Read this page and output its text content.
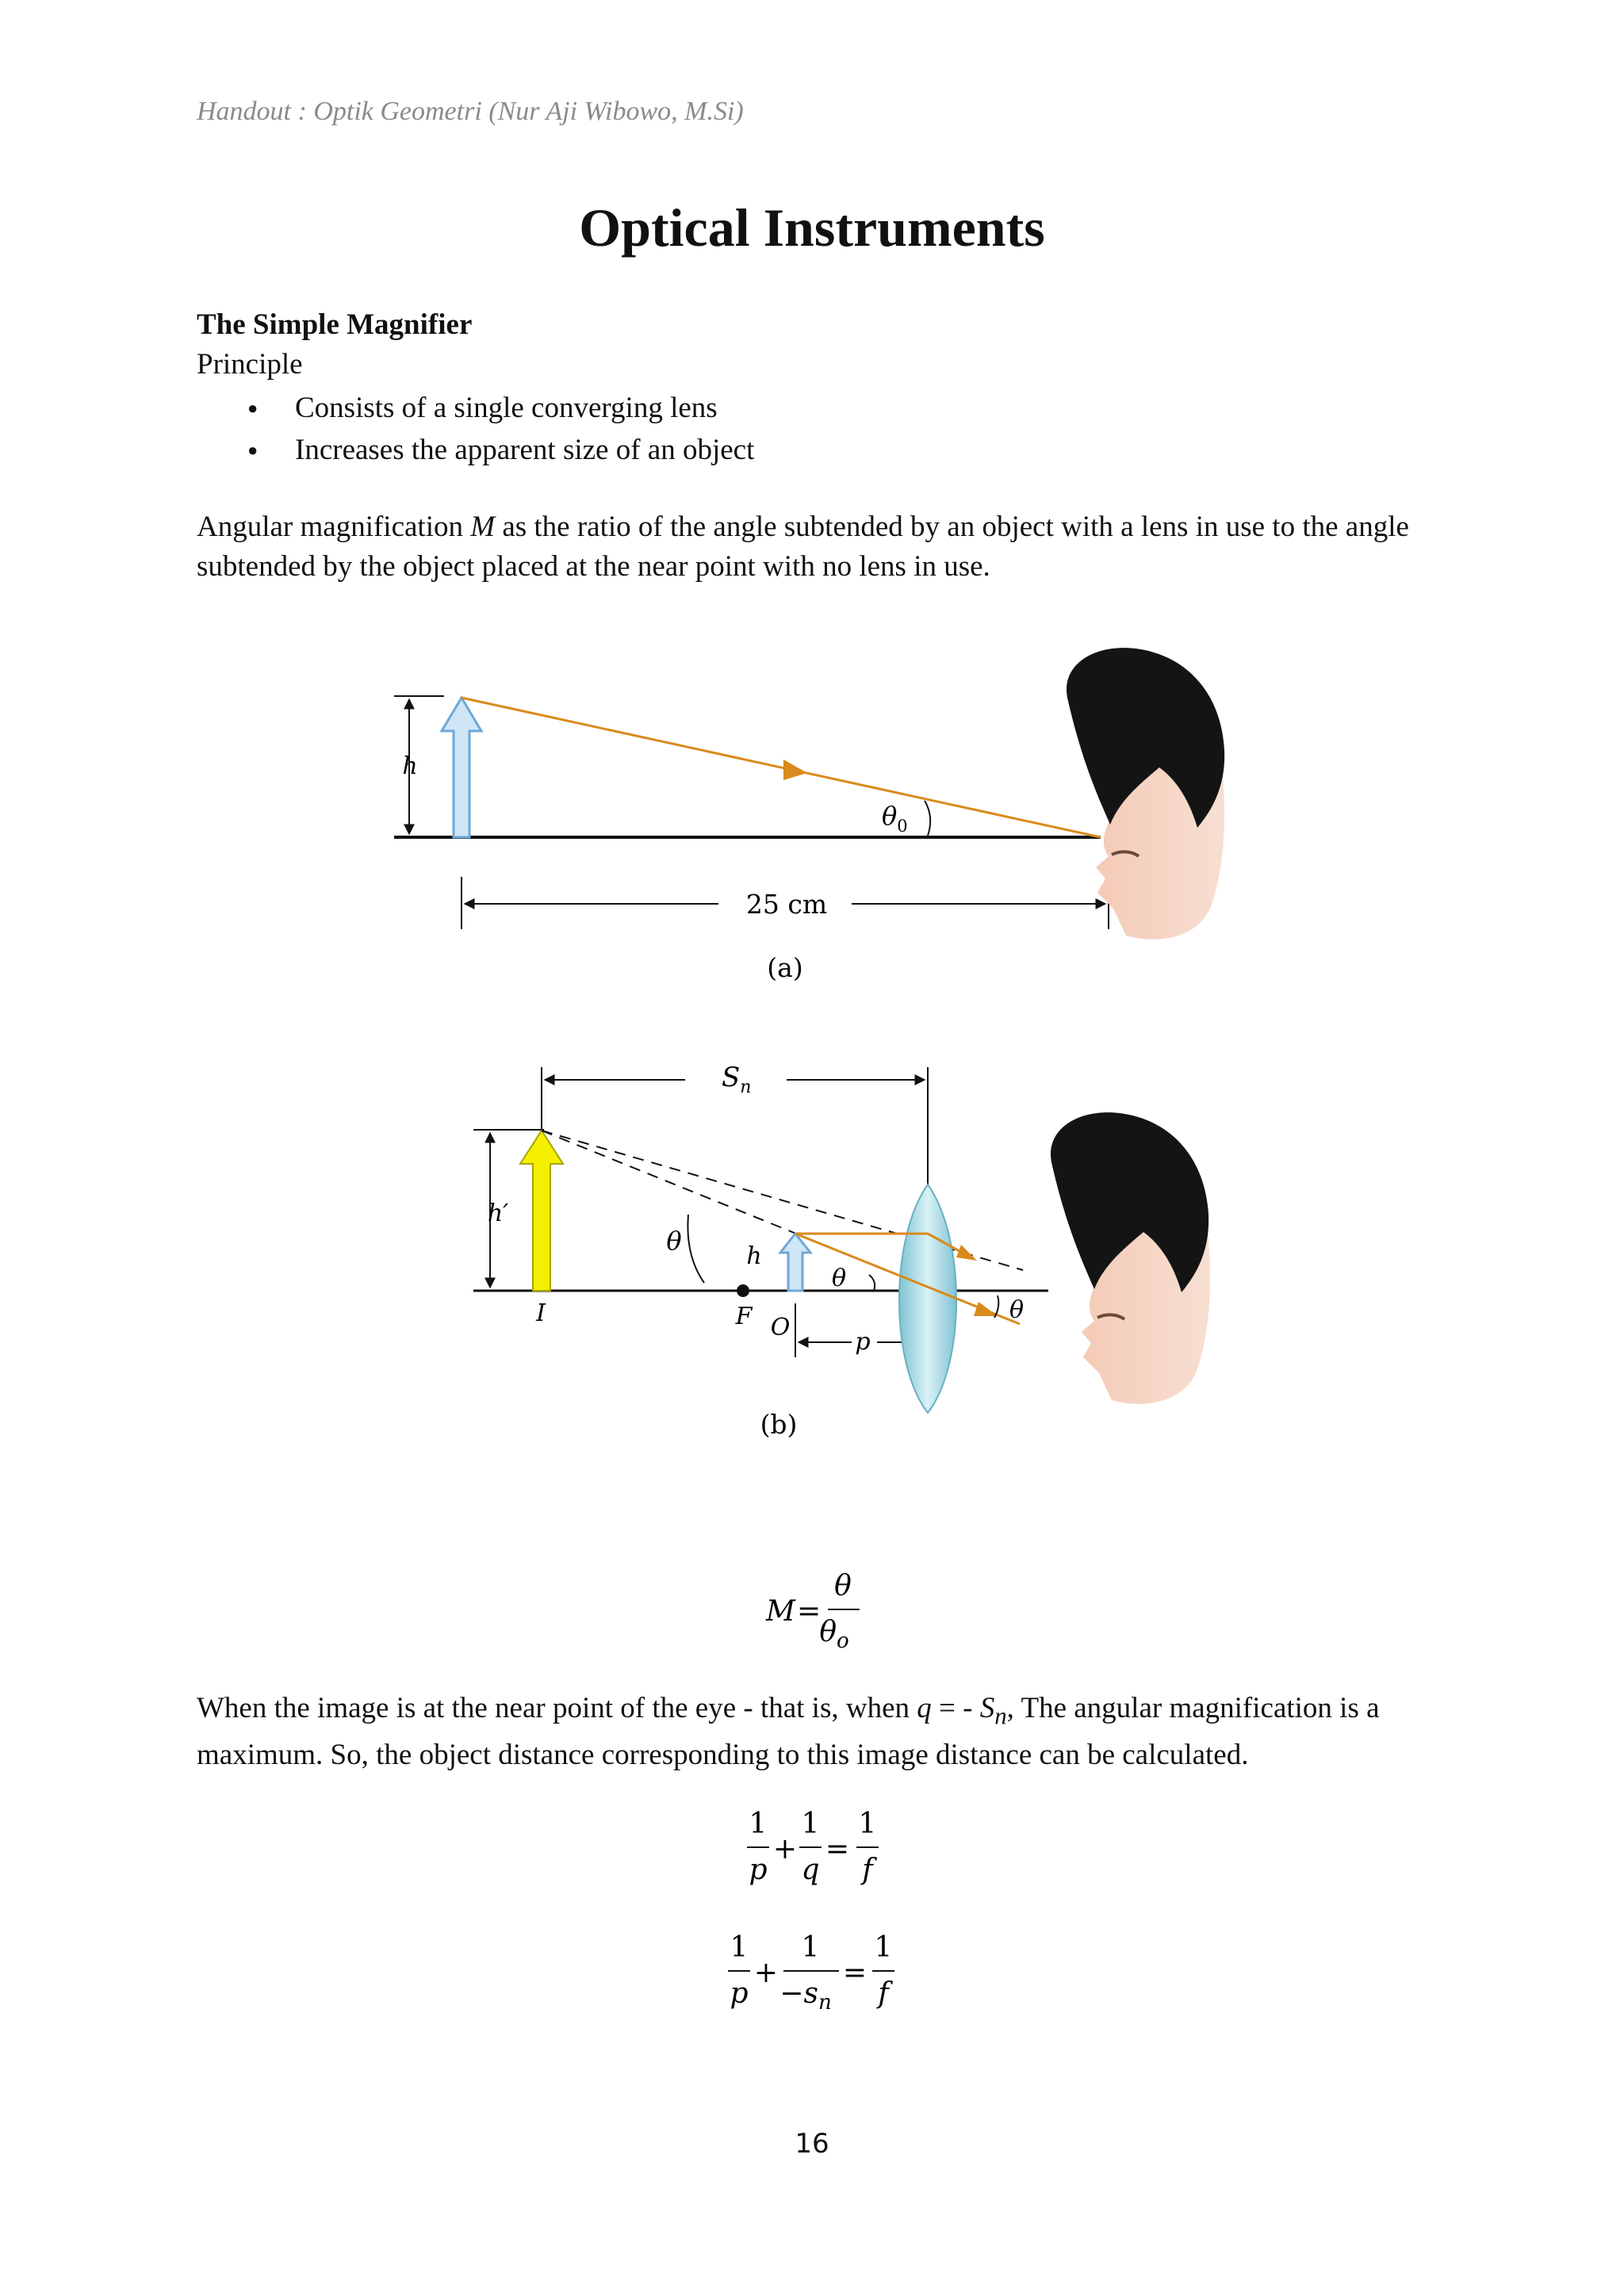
Handout : Optik Geometri (Nur Aji Wibowo, M.Si)
Optical Instruments
The Simple Magnifier
Principle
● Consists of a single converging lens
● Increases the apparent size of an object

Angular magnification M as the ratio of the angle subtended by an object with a lens in use to the angle subtended by the object placed at the near point with no lens in use.

h
$\theta_0$
25 cm
(a)
$S_n$
h′
I
θ
F
h
O
p
θ
θ
(b)
M =
θ
$\theta_o$
1
p
+
1
q
=
1
f
1
p
+
1
$-s_n$
=
1
f

When the image is at the near point of the eye - that is, when q = - $S_n$, The angular magnification is a maximum. So, the object distance corresponding to this image distance can be calculated.

16
